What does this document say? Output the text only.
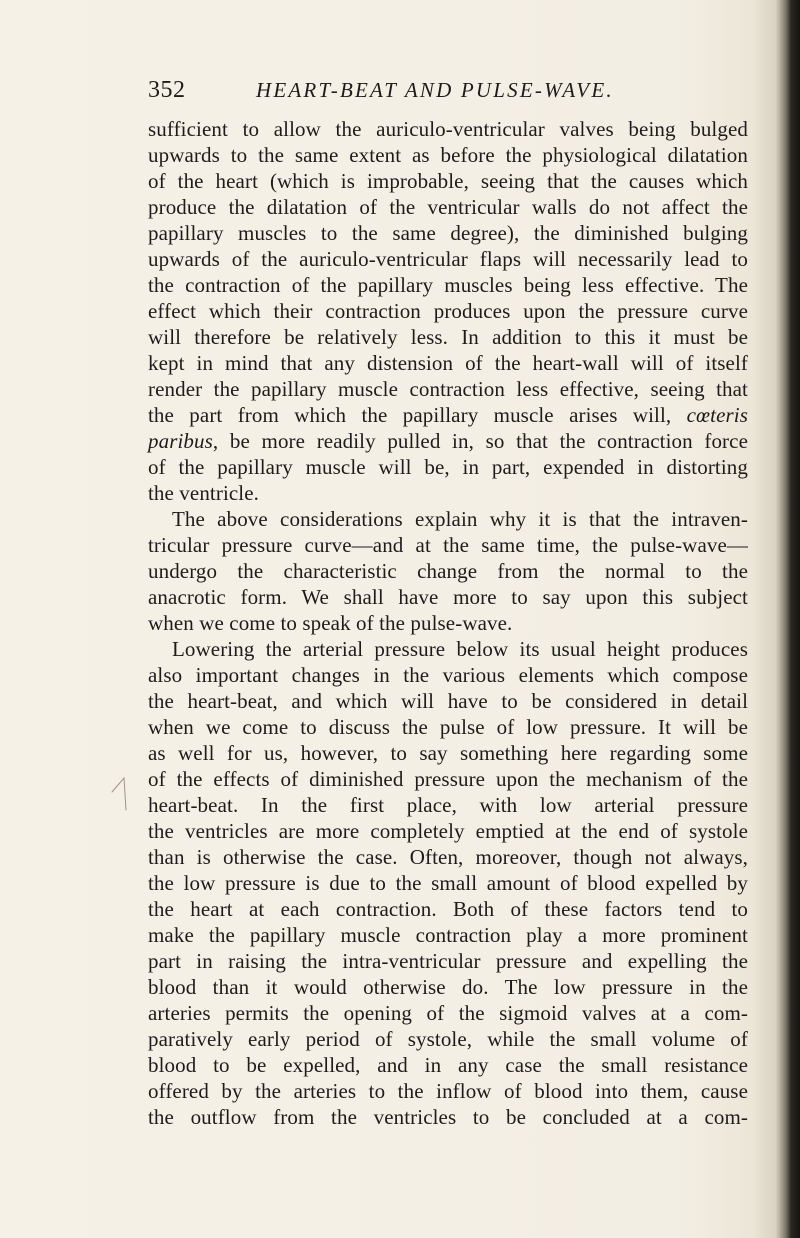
352	HEART-BEAT AND PULSE-WAVE.
sufficient to allow the auriculo-ventricular valves being bulged
upwards to the same extent as before the physiological dilatation
of the heart (which is improbable, seeing that the causes which
produce the dilatation of the ventricular walls do not affect the
papillary muscles to the same degree), the diminished bulging
upwards of the auriculo-ventricular flaps will necessarily lead to
the contraction of the papillary muscles being less effective. The
effect which their contraction produces upon the pressure curve
will therefore be relatively less. In addition to this it must be
kept in mind that any distension of the heart-wall will of itself
render the papillary muscle contraction less effective, seeing that
the part from which the papillary muscle arises will, cœteris
paribus, be more readily pulled in, so that the contraction force
of the papillary muscle will be, in part, expended in distorting
the ventricle.
The above considerations explain why it is that the intraven-
tricular pressure curve—and at the same time, the pulse-wave—
undergo the characteristic change from the normal to the
anacrotic form. We shall have more to say upon this subject
when we come to speak of the pulse-wave.
Lowering the arterial pressure below its usual height produces
also important changes in the various elements which compose
the heart-beat, and which will have to be considered in detail
when we come to discuss the pulse of low pressure. It will be
as well for us, however, to say something here regarding some
of the effects of diminished pressure upon the mechanism of the
heart-beat. In the first place, with low arterial pressure
the ventricles are more completely emptied at the end of systole
than is otherwise the case. Often, moreover, though not always,
the low pressure is due to the small amount of blood expelled by
the heart at each contraction. Both of these factors tend to
make the papillary muscle contraction play a more prominent
part in raising the intra-ventricular pressure and expelling the
blood than it would otherwise do. The low pressure in the
arteries permits the opening of the sigmoid valves at a com-
paratively early period of systole, while the small volume of
blood to be expelled, and in any case the small resistance
offered by the arteries to the inflow of blood into them, cause
the outflow from the ventricles to be concluded at a com-
